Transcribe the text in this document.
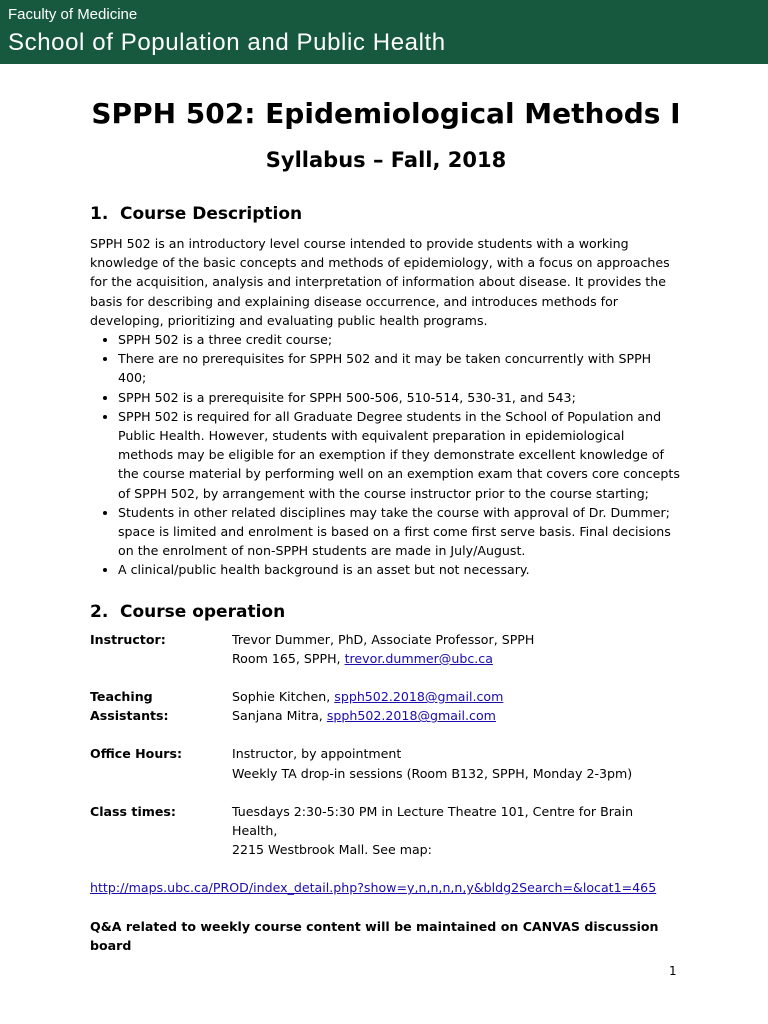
Faculty of Medicine
School of Population and Public Health
SPPH 502: Epidemiological Methods I
Syllabus – Fall, 2018
1. Course Description

SPPH 502 is an introductory level course intended to provide students with a working knowledge of the basic concepts and methods of epidemiology, with a focus on approaches for the acquisition, analysis and interpretation of information about disease. It provides the basis for describing and explaining disease occurrence, and introduces methods for developing, prioritizing and evaluating public health programs.

• SPPH 502 is a three credit course;
• There are no prerequisites for SPPH 502 and it may be taken concurrently with SPPH 400;
• SPPH 502 is a prerequisite for SPPH 500-506, 510-514, 530-31, and 543;
• SPPH 502 is required for all Graduate Degree students in the School of Population and Public Health. However, students with equivalent preparation in epidemiological methods may be eligible for an exemption if they demonstrate excellent knowledge of the course material by performing well on an exemption exam that covers core concepts of SPPH 502, by arrangement with the course instructor prior to the course starting;
• Students in other related disciplines may take the course with approval of Dr. Dummer; space is limited and enrolment is based on a first come first serve basis. Final decisions on the enrolment of non-SPPH students are made in July/August.
• A clinical/public health background is an asset but not necessary.
2. Course operation
Instructor:	Trevor Dummer, PhD, Associate Professor, SPPH
Room 165, SPPH, trevor.dummer@ubc.ca
Teaching Assistants:
Sophie Kitchen, spph502.2018@gmail.com
Sanjana Mitra, spph502.2018@gmail.com
Office Hours:	Instructor, by appointment
Weekly TA drop-in sessions (Room B132, SPPH, Monday 2-3pm)
Class times:	Tuesdays 2:30-5:30 PM in Lecture Theatre 101, Centre for Brain Health,
2215 Westbrook Mall. See map:
http://maps.ubc.ca/PROD/index_detail.php?show=y,n,n,n,n,y&bldg2Search=&locat1=465
Q&A related to weekly course content will be maintained on CANVAS discussion board
1
